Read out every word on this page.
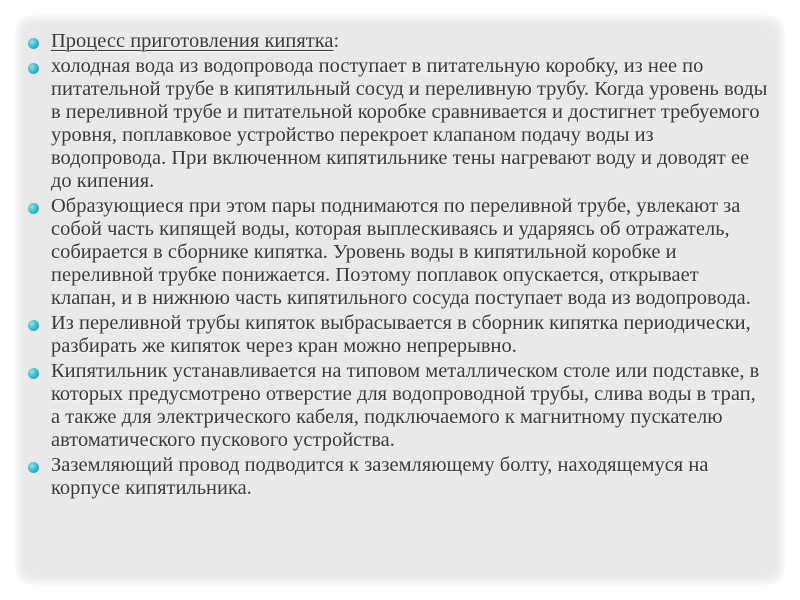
Процесс приготовления кипятка:
холодная вода из водопровода поступает в питательную коробку, из нее по питательной трубе в кипятильный сосуд и переливную трубу. Когда уровень воды в переливной трубе и питательной коробке сравнивается и достигнет требуемого уровня, поплавковое устройство перекроет клапаном подачу воды из водопровода. При включенном кипятильнике тены нагревают воду и доводят ее до кипения.
Образующиеся при этом пары поднимаются по переливной трубе, увлекают за собой часть кипящей воды, которая выплескиваясь и ударяясь об отражатель, собирается в сборнике кипятка. Уровень воды в кипятильной коробке и переливной трубке понижается. Поэтому поплавок опускается, открывает клапан, и в нижнюю часть кипятильного сосуда поступает вода из водопровода.
Из переливной трубы кипяток выбрасывается в сборник кипятка периодически, разбирать же кипяток через кран можно непрерывно.
Кипятильник устанавливается на типовом металлическом столе или подставке, в которых предусмотрено отверстие для водопроводной трубы, слива воды в трап, а также для электрического кабеля, подключаемого к магнитному пускателю автоматического пускового устройства.
Заземляющий провод подводится к заземляющему болту, находящемуся на корпусе кипятильника.
